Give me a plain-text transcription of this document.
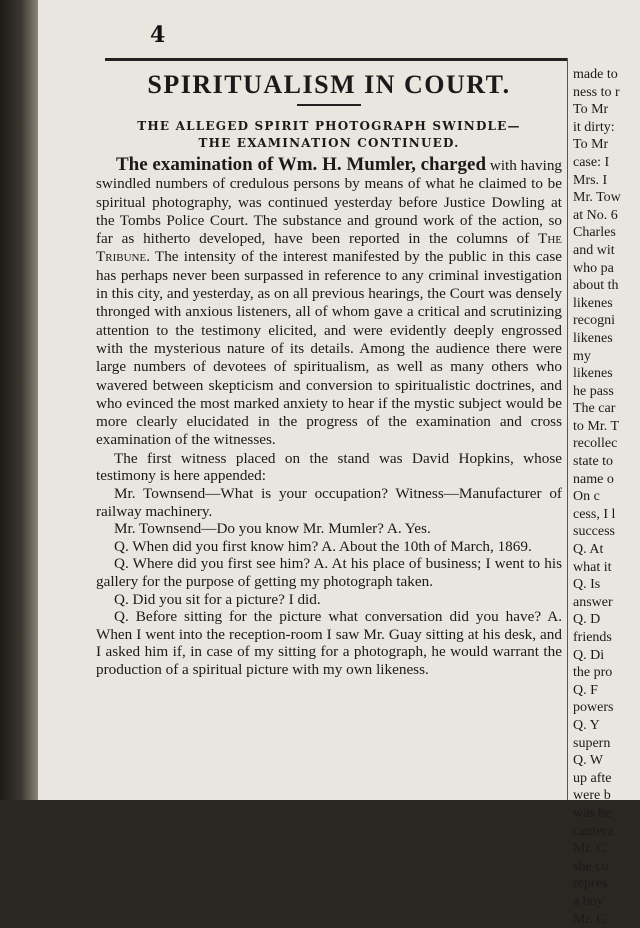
4
SPIRITUALISM IN COURT.
THE ALLEGED SPIRIT PHOTOGRAPH SWINDLE—
THE EXAMINATION CONTINUED.

The examination of Wm. H. Mumler, charged with having swindled numbers of credulous persons by means of what he claimed to be spiritual photography, was continued yesterday before Justice Dowling at the Tombs Police Court. The substance and ground work of the action, so far as hitherto developed, have been reported in the columns of The Tribune. The intensity of the interest manifested by the public in this case has perhaps never been surpassed in reference to any criminal investigation in this city, and yesterday, as on all previous hearings, the Court was densely thronged with anxious listeners, all of whom gave a critical and scrutinizing attention to the testimony elicited, and were evidently deeply engrossed with the mysterious nature of its details. Among the audience there were large numbers of devotees of spiritualism, as well as many others who wavered between skepticism and conversion to spiritualistic doctrines, and who evinced the most marked anxiety to hear if the mystic subject would be more clearly elucidated in the progress of the examination and cross examination of the witnesses.

The first witness placed on the stand was David Hopkins, whose testimony is here appended:

Mr. Townsend—What is your occupation? Witness—Manufacturer of railway machinery.

Mr. Townsend—Do you know Mr. Mumler? A. Yes.

Q. When did you first know him? A. About the 10th of March, 1869.

Q. Where did you first see him? A. At his place of business; I went to his gallery for the purpose of getting my photograph taken.

Q. Did you sit for a picture? I did.

Q. Before sitting for the picture what conversation did you have? A. When I went into the reception-room I saw Mr. Guay sitting at his desk, and I asked him if, in case of my sitting for a photograph, he would warrant the production of a spiritual picture with my own likeness.

made to
ness to r
To Mr
it dirty:
To Mr
case: I
Mrs. I
Mr. Tow
at No. 6
Charles
and wit
who pa
about th
likenes
recogni
likenes
my
likenes
he pass
The car
to Mr. T
recollec
state to
name o
On c
cess, I l
success
Q. At
what it
Q. Is
answer
Q. D
friends
Q. Di
the pro
Q. F
powers
Q. Y
supern
Q. W
up afte
were b
was be
camera
Mr. C
she co
repres
a boy
Mr. C
